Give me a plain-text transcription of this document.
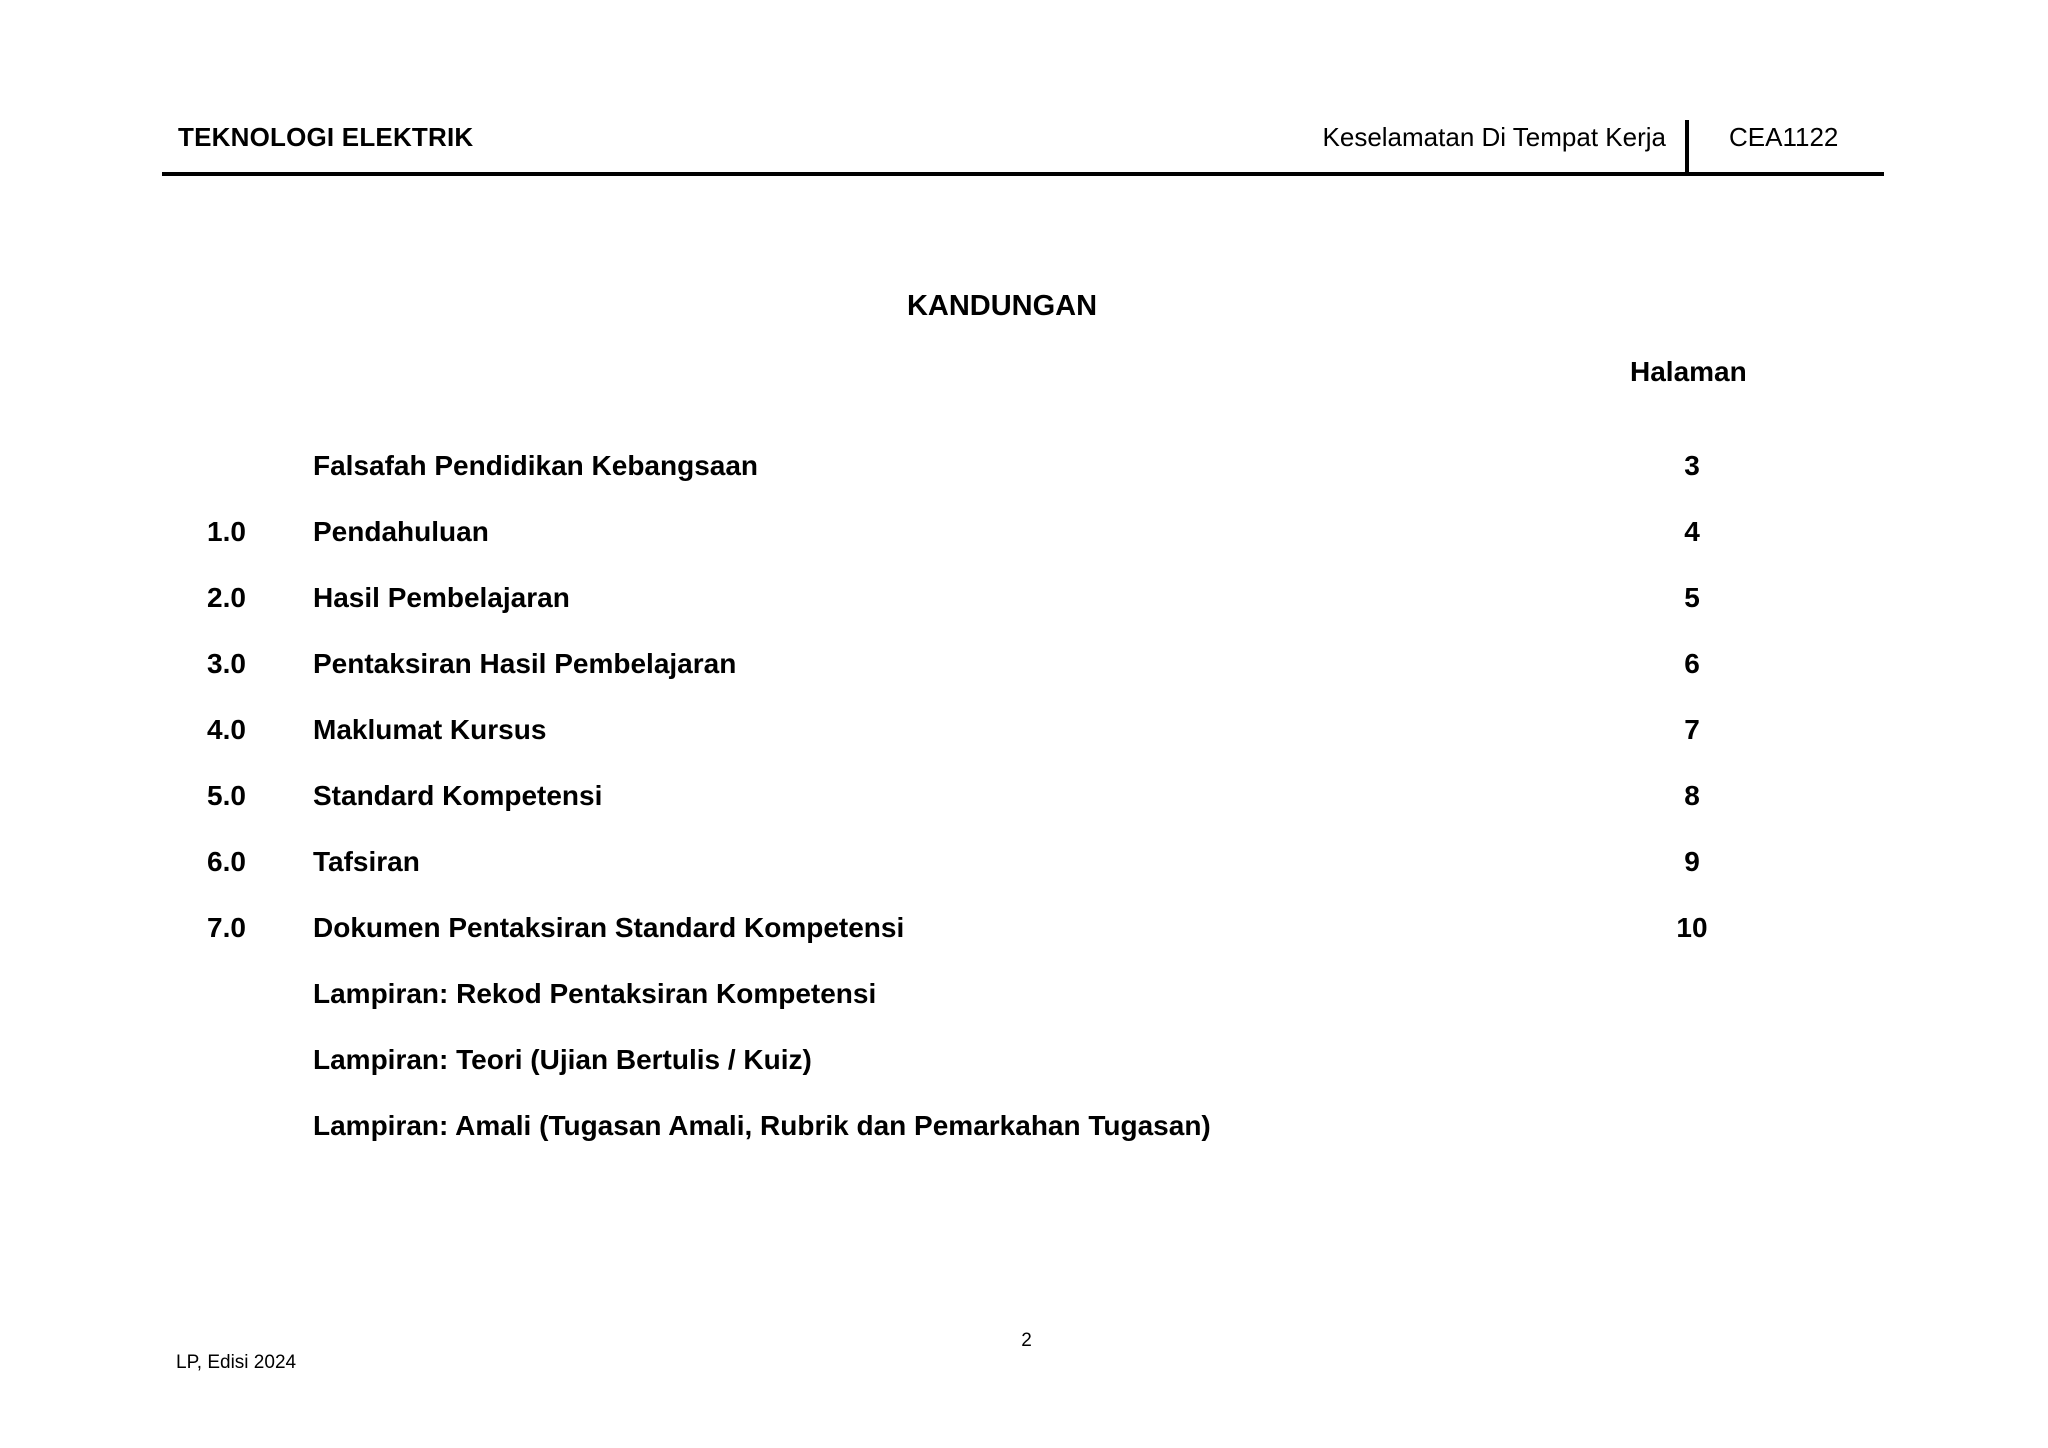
TEKNOLOGI ELEKTRIK	Keselamatan Di Tempat Kerja CEA1122
KANDUNGAN
Halaman
Falsafah Pendidikan Kebangsaan	3
1.0 Pendahuluan	4
2.0 Hasil Pembelajaran	5
3.0 Pentaksiran Hasil Pembelajaran	6
4.0 Maklumat Kursus	7
5.0 Standard Kompetensi	8
6.0 Tafsiran	9
7.0 Dokumen Pentaksiran Standard Kompetensi	10
Lampiran: Rekod Pentaksiran Kompetensi
Lampiran: Teori (Ujian Bertulis / Kuiz)
Lampiran: Amali (Tugasan Amali, Rubrik dan Pemarkahan Tugasan)
2
LP, Edisi 2024
